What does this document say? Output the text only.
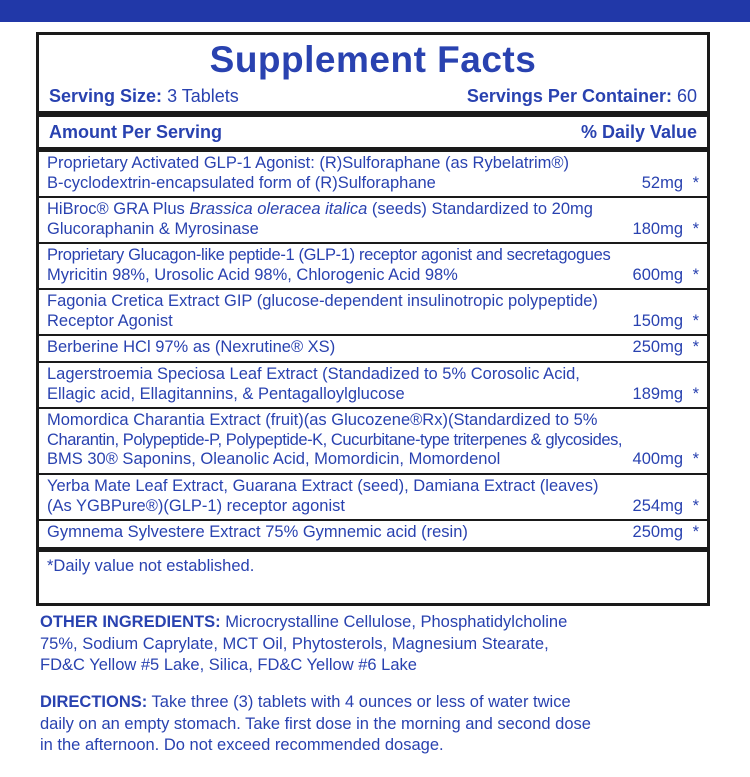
Supplement Facts
Serving Size: 3 Tablets	Servings Per Container: 60
Amount Per Serving	% Daily Value
Proprietary Activated GLP-1 Agonist: (R)Sulforaphane (as Rybelatrim®)
B-cyclodextrin-encapsulated form of (R)Sulforaphane	52mg *
HiBroc® GRA Plus Brassica oleracea italica (seeds) Standardized to 20mg
Glucoraphanin & Myrosinase	180mg *
Proprietary Glucagon-like peptide-1 (GLP-1) receptor agonist and secretagogues
Myricitin 98%, Urosolic Acid 98%, Chlorogenic Acid 98%	600mg *
Fagonia Cretica Extract GIP (glucose-dependent insulinotropic polypeptide)
Receptor Agonist	150mg *
Berberine HCl 97% as (Nexrutine® XS)	250mg *
Lagerstroemia Speciosa Leaf Extract (Standadized to 5% Corosolic Acid,
Ellagic acid, Ellagitannins, & Pentagalloylglucose	189mg *
Momordica Charantia Extract (fruit)(as Glucozene®Rx)(Standardized to 5%
Charantin, Polypeptide-P, Polypeptide-K, Cucurbitane-type triterpenes & glycosides,
BMS 30® Saponins, Oleanolic Acid, Momordicin, Momordenol	400mg *
Yerba Mate Leaf Extract, Guarana Extract (seed), Damiana Extract (leaves)
(As YGBPure®)(GLP-1) receptor agonist	254mg *
Gymnema Sylvestere Extract 75% Gymnemic acid (resin)	250mg *
*Daily value not established.
OTHER INGREDIENTS: Microcrystalline Cellulose, Phosphatidylcholine
75%, Sodium Caprylate, MCT Oil, Phytosterols, Magnesium Stearate,
FD&C Yellow #5 Lake, Silica, FD&C Yellow #6 Lake
DIRECTIONS: Take three (3) tablets with 4 ounces or less of water twice
daily on an empty stomach. Take first dose in the morning and second dose
in the afternoon. Do not exceed recommended dosage.
